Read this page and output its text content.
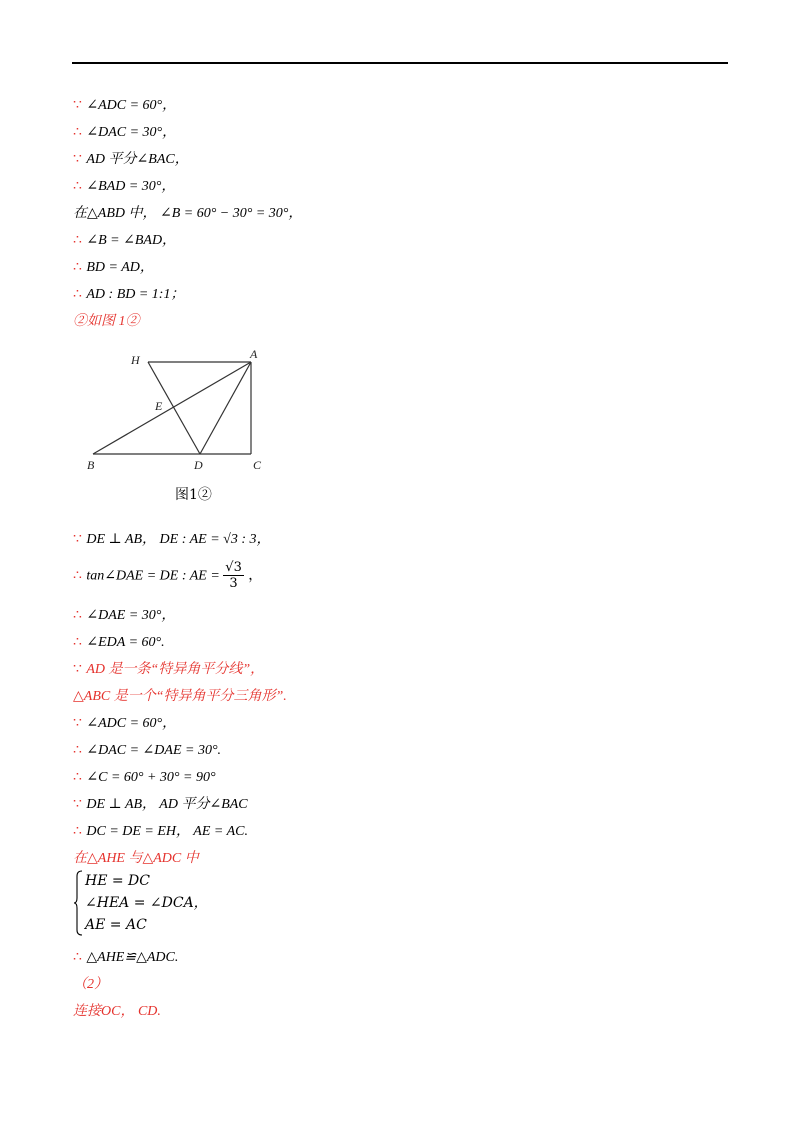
∵ ∠ADC = 60°，
∴ ∠DAC = 30°，
∵ AD 平分∠BAC，
∴ ∠BAD = 30°，
在△ABD 中， ∠B = 60° − 30° = 30°，
∴ ∠B = ∠BAD，
∴ BD = AD，
∴ AD : BD = 1:1；
②如图 1②
H	A
E
B	D	C
图1②
∴ tan∠DAE = DE : AE = $\frac{√3}{3}$ ，
∵ DE ⊥ AB， DE : AE = √3 : 3，
∴ ∠DAE = 30°，
∴ ∠EDA = 60°.
∵ AD 是一条“特异角平分线”，
△ABC 是一个“特异角平分三角形”.
∵ ∠ADC = 60°，
∴ ∠DAC = ∠DAE = 30°.
∴ ∠C = 60° + 30° = 90°
∵ DE ⊥ AB， AD 平分∠BAC
∴ DC = DE = EH， AE = AC.
在△AHE 与△ADC 中
∴ △AHE≌△ADC.
（2）
连接OC， CD.
HE = DC
∠HEA = ∠DCA，
AE = AC
